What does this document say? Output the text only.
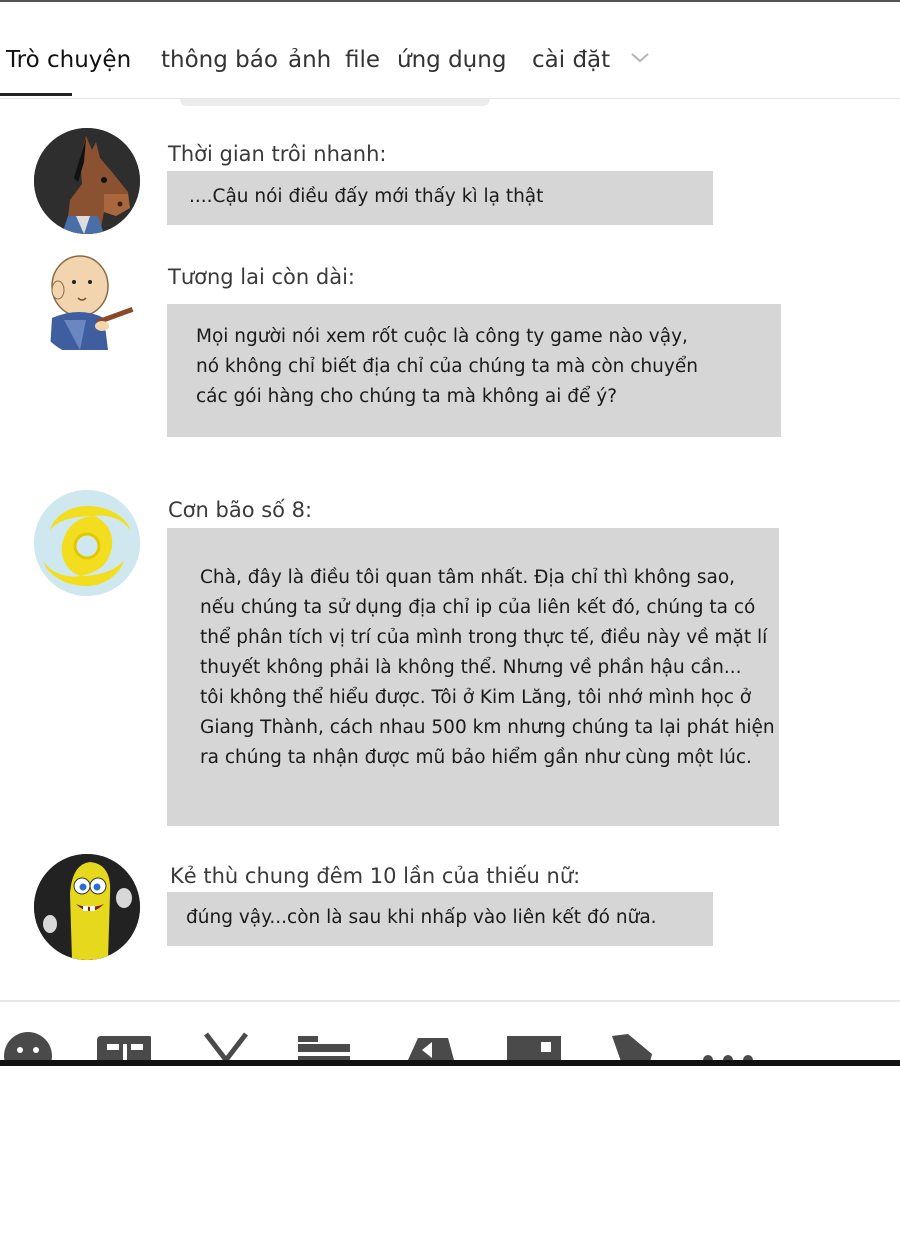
Trò chuyện thông báo ảnh file ứng dụng cài đặt
Thời gian trôi nhanh:
....Cậu nói điều đấy mới thấy kì lạ thật
Tương lai còn dài:
Mọi người nói xem rốt cuộc là công ty game nào vậy,
nó không chỉ biết địa chỉ của chúng ta mà còn chuyển
các gói hàng cho chúng ta mà không ai để ý?
Cơn bão số 8:
Chà, đây là điều tôi quan tâm nhất. Địa chỉ thì không sao,
nếu chúng ta sử dụng địa chỉ ip của liên kết đó, chúng ta có
thể phân tích vị trí của mình trong thực tế, điều này về mặt lí
thuyết không phải là không thể. Nhưng về phần hậu cần...
tôi không thể hiểu được. Tôi ở Kim Lăng, tôi nhớ mình học ở
Giang Thành, cách nhau 500 km nhưng chúng ta lại phát hiện
ra chúng ta nhận được mũ bảo hiểm gần như cùng một lúc.
Kẻ thù chung đêm 10 lần của thiếu nữ:
đúng vậy...còn là sau khi nhấp vào liên kết đó nữa.
